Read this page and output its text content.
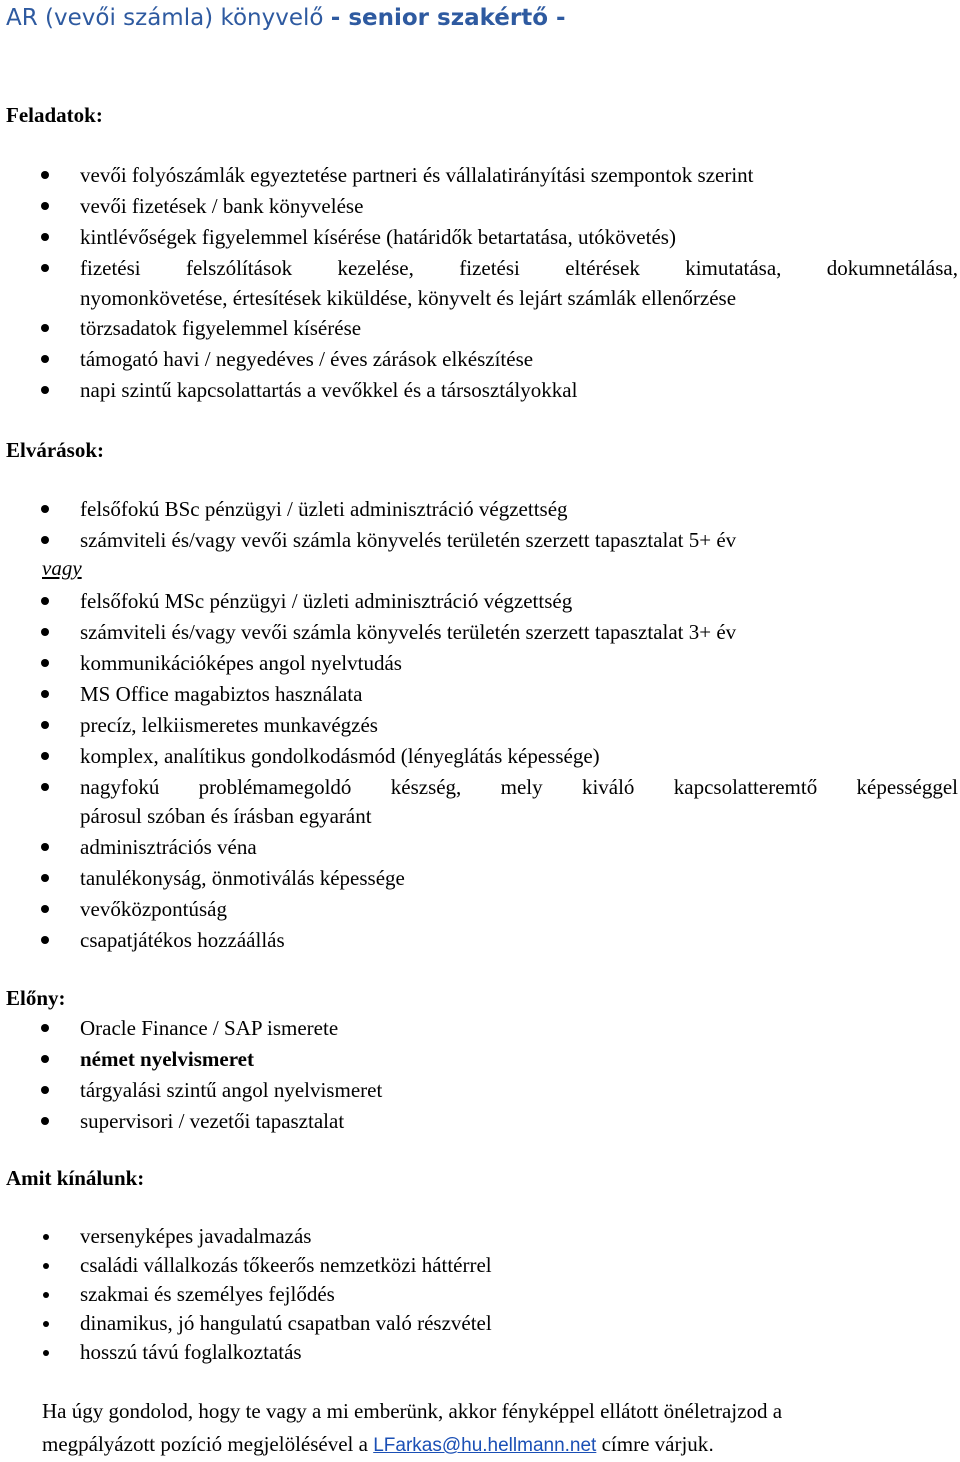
AR (vevői számla) könyvelő - senior szakértő -
Feladatok:
vevői folyószámlák egyeztetése partneri és vállalatirányítási szempontok szerint
vevői fizetések / bank könyvelése
kintlévőségek figyelemmel kísérése (határidők betartatása, utókövetés)
fizetési felszólítások kezelése, fizetési eltérések kimutatása, dokumnetálása,
nyomonkövetése, értesítések kiküldése, könyvelt és lejárt számlák ellenőrzése
törzsadatok figyelemmel kísérése
támogató havi / negyedéves / éves zárások elkészítése
napi szintű kapcsolattartás a vevőkkel és a társosztályokkal
Elvárások:
felsőfokú BSc pénzügyi / üzleti adminisztráció végzettség
számviteli és/vagy vevői számla könyvelés területén szerzett tapasztalat 5+ év
vagy
felsőfokú MSc pénzügyi / üzleti adminisztráció végzettség
számviteli és/vagy vevői számla könyvelés területén szerzett tapasztalat 3+ év
kommunikációképes angol nyelvtudás
MS Office magabiztos használata
precíz, lelkiismeretes munkavégzés
komplex, analítikus gondolkodásmód (lényeglátás képessége)
nagyfokú problémamegoldó készség, mely kiváló kapcsolatteremtő képességgel
párosul szóban és írásban egyaránt
adminisztrációs véna
tanulékonyság, önmotiválás képessége
vevőközpontúság
csapatjátékos hozzáállás
Előny:
Oracle Finance / SAP ismerete
német nyelvismeret
tárgyalási szintű angol nyelvismeret
supervisori / vezetői tapasztalat
Amit kínálunk:
versenyképes javadalmazás
családi vállalkozás tőkeerős nemzetközi háttérrel
szakmai és személyes fejlődés
dinamikus, jó hangulatú csapatban való részvétel
hosszú távú foglalkoztatás
Ha úgy gondolod, hogy te vagy a mi emberünk, akkor fényképpel ellátott önéletrajzod a
megpályázott pozíció megjelölésével a LFarkas@hu.hellmann.net címre várjuk.
